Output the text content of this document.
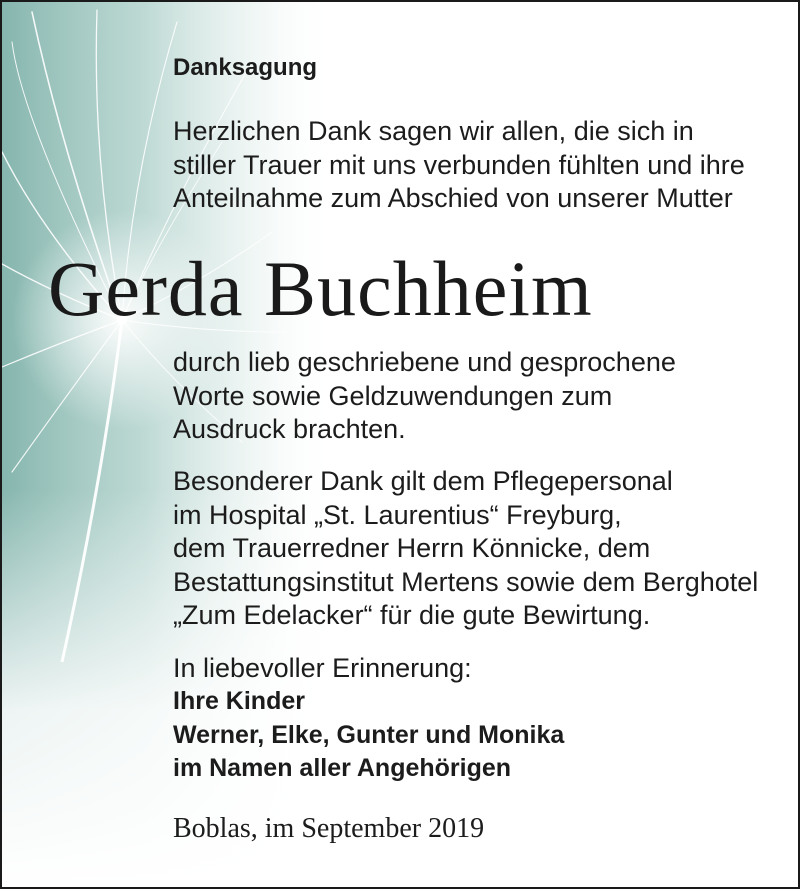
Danksagung

Herzlichen Dank sagen wir allen, die sich in
stiller Trauer mit uns verbunden fühlten und ihre
Anteilnahme zum Abschied von unserer Mutter

Gerda Buchheim

durch lieb geschriebene und gesprochene
Worte sowie Geldzuwendungen zum
Ausdruck brachten.

Besonderer Dank gilt dem Pflegepersonal
im Hospital „St. Laurentius“ Freyburg,
dem Trauerredner Herrn Könnicke, dem
Bestattungsinstitut Mertens sowie dem Berghotel
„Zum Edelacker“ für die gute Bewirtung.

In liebevoller Erinnerung:

Ihre Kinder

Werner, Elke, Gunter und Monika

im Namen aller Angehörigen

Boblas, im September 2019
